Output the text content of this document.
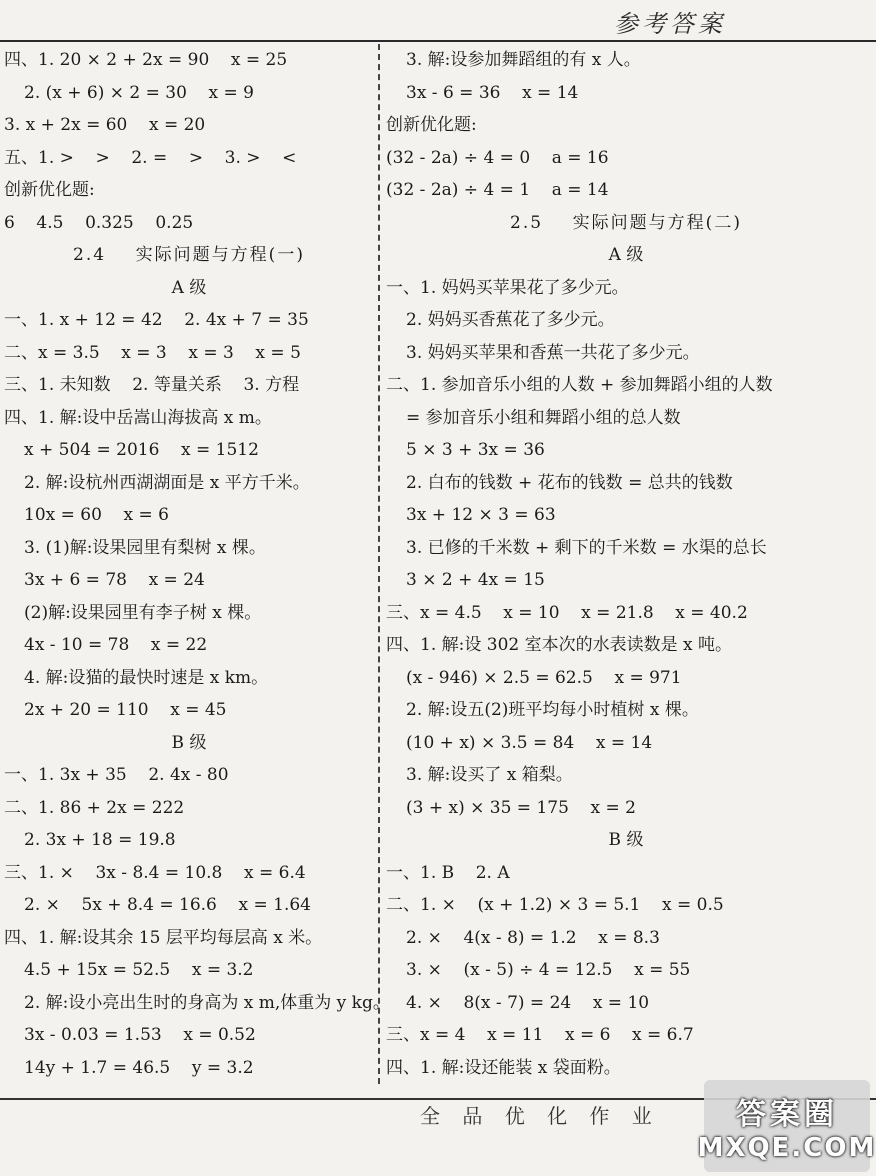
参考答案
四、1. 20 × 2 + 2x = 90    x = 25
2. (x + 6) × 2 = 30    x = 9
3. x + 2x = 60    x = 20
五、1. >    >    2. =    >    3. >    <
创新优化题:
6    4.5    0.325    0.25
2.4    实际问题与方程(一)
A 级
一、1. x + 12 = 42    2. 4x + 7 = 35
二、x = 3.5    x = 3    x = 3    x = 5
三、1. 未知数    2. 等量关系    3. 方程
四、1. 解:设中岳嵩山海拔高 x m。
x + 504 = 2016    x = 1512
2. 解:设杭州西湖湖面是 x 平方千米。
10x = 60    x = 6
3. (1)解:设果园里有梨树 x 棵。
3x + 6 = 78    x = 24
(2)解:设果园里有李子树 x 棵。
4x - 10 = 78    x = 22
4. 解:设猫的最快时速是 x km。
2x + 20 = 110    x = 45
B 级
一、1. 3x + 35    2. 4x - 80
二、1. 86 + 2x = 222
2. 3x + 18 = 19.8
三、1. ×    3x - 8.4 = 10.8    x = 6.4
2. ×    5x + 8.4 = 16.6    x = 1.64
四、1. 解:设其余 15 层平均每层高 x 米。
4.5 + 15x = 52.5    x = 3.2
2. 解:设小亮出生时的身高为 x m,体重为 y kg。
3x - 0.03 = 1.53    x = 0.52
14y + 1.7 = 46.5    y = 3.2
3. 解:设参加舞蹈组的有 x 人。
3x - 6 = 36    x = 14
创新优化题:
(32 - 2a) ÷ 4 = 0    a = 16
(32 - 2a) ÷ 4 = 1    a = 14
2.5    实际问题与方程(二)
A 级
一、1. 妈妈买苹果花了多少元。
2. 妈妈买香蕉花了多少元。
3. 妈妈买苹果和香蕉一共花了多少元。
二、1. 参加音乐小组的人数 + 参加舞蹈小组的人数
= 参加音乐小组和舞蹈小组的总人数
5 × 3 + 3x = 36
2. 白布的钱数 + 花布的钱数 = 总共的钱数
3x + 12 × 3 = 63
3. 已修的千米数 + 剩下的千米数 = 水渠的总长
3 × 2 + 4x = 15
三、x = 4.5    x = 10    x = 21.8    x = 40.2
四、1. 解:设 302 室本次的水表读数是 x 吨。
(x - 946) × 2.5 = 62.5    x = 971
2. 解:设五(2)班平均每小时植树 x 棵。
(10 + x) × 3.5 = 84    x = 14
3. 解:设买了 x 箱梨。
(3 + x) × 35 = 175    x = 2
B 级
一、1. B    2. A
二、1. ×    (x + 1.2) × 3 = 5.1    x = 0.5
2. ×    4(x - 8) = 1.2    x = 8.3
3. ×    (x - 5) ÷ 4 = 12.5    x = 55
4. ×    8(x - 7) = 24    x = 10
三、x = 4    x = 11    x = 6    x = 6.7
四、1. 解:设还能装 x 袋面粉。
全 品 优 化 作 业	答案圈
MXQE.COM
